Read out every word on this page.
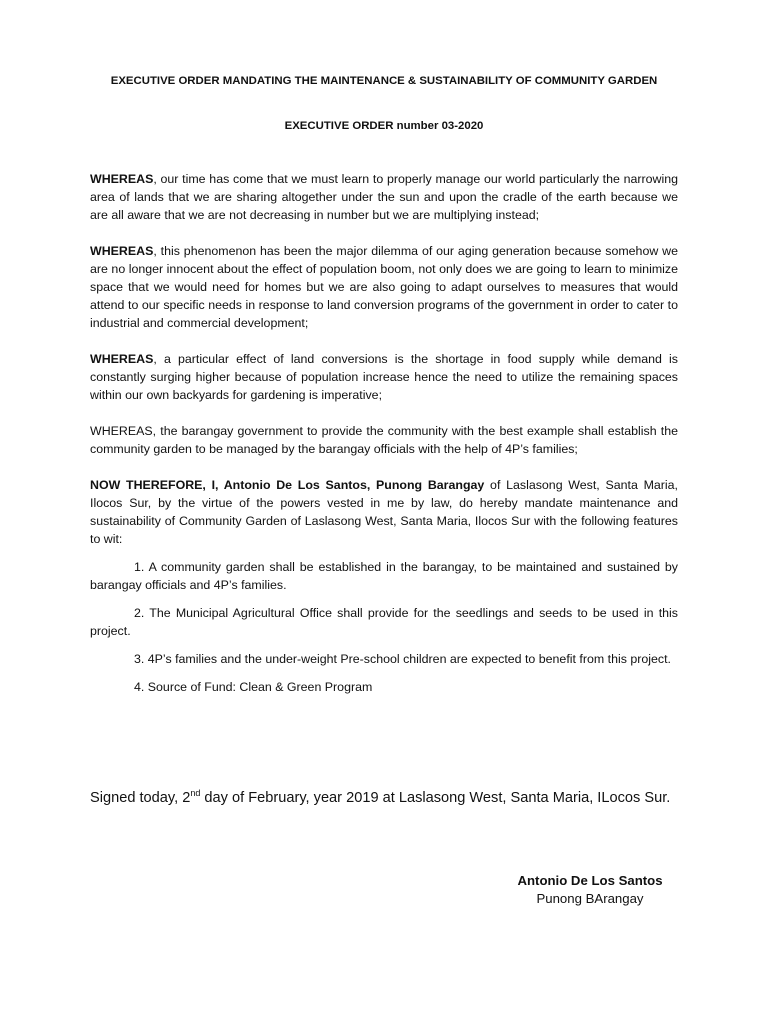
EXECUTIVE ORDER MANDATING THE MAINTENANCE & SUSTAINABILITY OF COMMUNITY GARDEN
EXECUTIVE ORDER number 03-2020

WHEREAS, our time has come that we must learn to properly manage our world particularly the narrowing area of lands that we are sharing altogether under the sun and upon the cradle of the earth because we are all aware that we are not decreasing in number but we are multiplying instead;

WHEREAS, this phenomenon has been the major dilemma of our aging generation because somehow we are no longer innocent about the effect of population boom, not only does we are going to learn to minimize space that we would need for homes but we are also going to adapt ourselves to measures that would attend to our specific needs in response to land conversion programs of the government in order to cater to industrial and commercial development;

WHEREAS, a particular effect of land conversions is the shortage in food supply while demand is constantly surging higher because of population increase hence the need to utilize the remaining spaces within our own backyards for gardening is imperative;

WHEREAS, the barangay government to provide the community with the best example shall establish the community garden to be managed by the barangay officials with the help of 4P’s families;

NOW THEREFORE, I, Antonio De Los Santos, Punong Barangay of Laslasong West, Santa Maria, Ilocos Sur, by the virtue of the powers vested in me by law, do hereby mandate maintenance and sustainability of Community Garden of Laslasong West, Santa Maria, Ilocos Sur with the following features to wit:

1. A community garden shall be established in the barangay, to be maintained and sustained by barangay officials and 4P’s families.

2. The Municipal Agricultural Office shall provide for the seedlings and seeds to be used in this project.

3. 4P’s families and the under-weight Pre-school children are expected to benefit from this project.

4. Source of Fund: Clean & Green Program

Signed today, 2nd day of February, year 2019 at Laslasong West, Santa Maria, ILocos Sur.
Antonio De Los Santos
Punong BArangay
